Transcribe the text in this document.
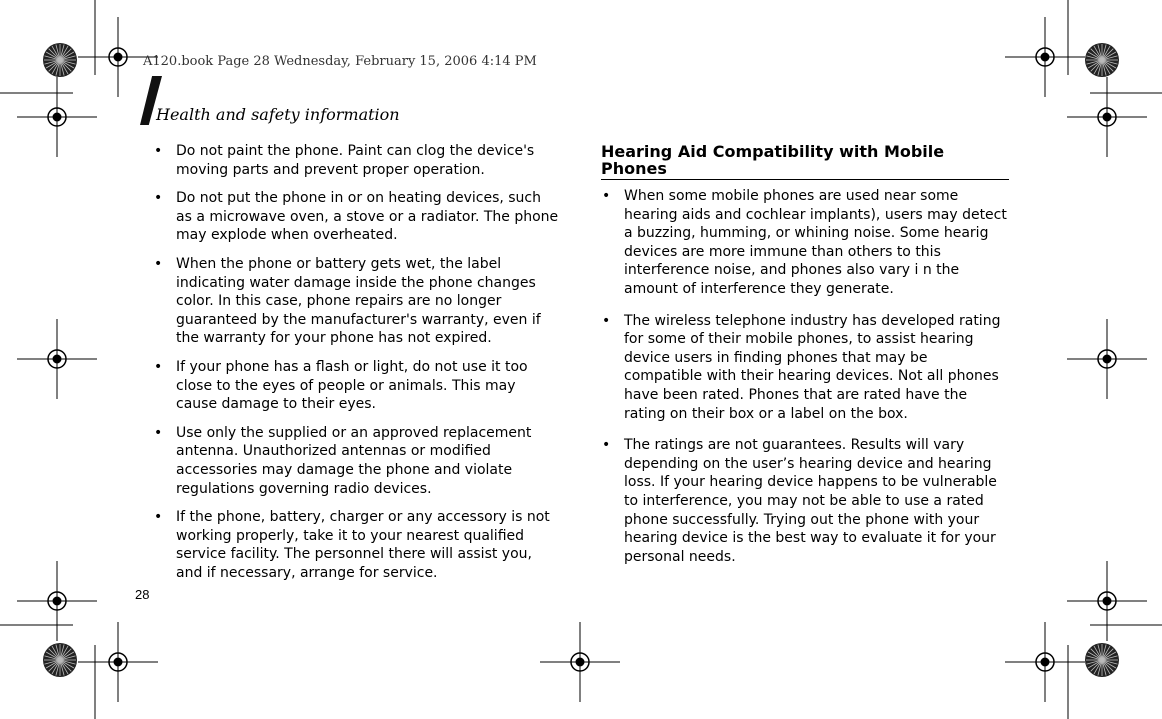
A120.book Page 28 Wednesday, February 15, 2006 4:14 PM
Health and safety information
• Do not paint the phone. Paint can clog the device's moving parts and prevent proper operation.
• Do not put the phone in or on heating devices, such as a microwave oven, a stove or a radiator. The phone may explode when overheated.
• When the phone or battery gets wet, the label indicating water damage inside the phone changes color. In this case, phone repairs are no longer guaranteed by the manufacturer's warranty, even if the warranty for your phone has not expired.
• If your phone has a flash or light, do not use it too close to the eyes of people or animals. This may cause damage to their eyes.
• Use only the supplied or an approved replacement antenna. Unauthorized antennas or modified accessories may damage the phone and violate regulations governing radio devices.
• If the phone, battery, charger or any accessory is not working properly, take it to your nearest qualified service facility. The personnel there will assist you, and if necessary, arrange for service.
Hearing Aid Compatibility with Mobile Phones
• When some mobile phones are used near some hearing aids and cochlear implants), users may detect a buzzing, humming, or whining noise. Some hearig devices are more immune than others to this interference noise, and phones also vary i n the amount of interference they generate.
• The wireless telephone industry has developed rating for some of their mobile phones, to assist hearing device users in finding phones that may be compatible with their hearing devices. Not all phones have been rated. Phones that are rated have the rating on their box or a label on the box.
• The ratings are not guarantees. Results will vary depending on the user’s hearing device and hearing loss. If your hearing device happens to be vulnerable to interference, you may not be able to use a rated phone successfully. Trying out the phone with your hearing device is the best way to evaluate it for your personal needs.
28
